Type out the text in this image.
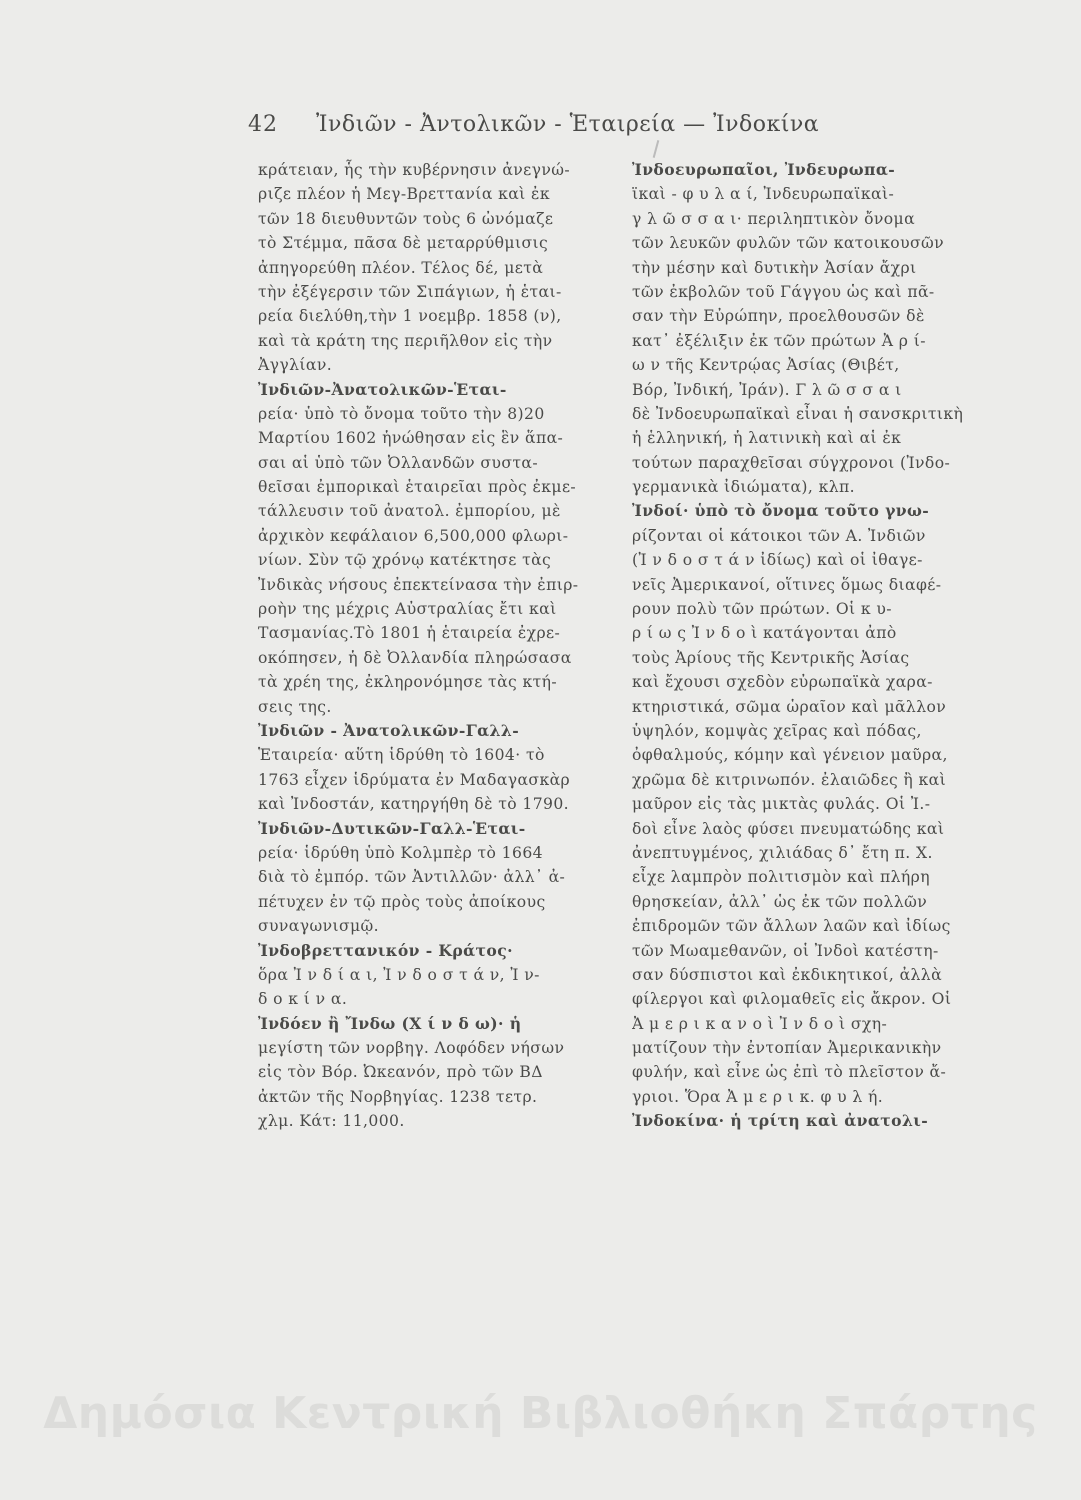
42 Ἰνδιῶν - Ἀντολικῶν - Ἑταιρεία — Ἰνδοκίνα
κράτειαν, ἧς τὴν κυβέρνησιν ἀνεγνώ-
ριζε πλέον ἡ Μεγ-Βρεττανία καὶ ἐκ
τῶν 18 διευθυντῶν τοὺς 6 ὠνόμαζε
τὸ Στέμμα, πᾶσα δὲ μεταρρύθμισις
ἀπηγορεύθη πλέον. Τέλος δέ, μετὰ
τὴν ἐξέγερσιν τῶν Σιπάγιων, ἡ ἑται-
ρεία διελύθη,τὴν 1 νοεμβρ. 1858 (ν),
καὶ τὰ κράτη της περιῆλθον εἰς τὴν
Ἀγγλίαν.
Ἰνδιῶν-Ἀνατολικῶν-Ἑται-
ρεία· ὑπὸ τὸ ὄνομα τοῦτο τὴν 8)20
Μαρτίου 1602 ἡνώθησαν εἰς ἓν ἅπα-
σαι αἱ ὑπὸ τῶν Ὀλλανδῶν συστα-
θεῖσαι ἐμπορικαὶ ἑταιρεῖαι πρὸς ἐκμε-
τάλλευσιν τοῦ ἀνατολ. ἐμπορίου, μὲ
ἀρχικὸν κεφάλαιον 6,500,000 φλωρι-
νίων. Σὺν τῷ χρόνῳ κατέκτησε τὰς
Ἰνδικὰς νήσους ἐπεκτείνασα τὴν ἐπιρ-
ροὴν της μέχρις Αὐστραλίας ἔτι καὶ
Τασμανίας.Τὸ 1801 ἡ ἑταιρεία ἐχρε-
οκόπησεν, ἡ δὲ Ὀλλανδία πληρώσασα
τὰ χρέη της, ἐκληρονόμησε τὰς κτή-
σεις της.
Ἰνδιῶν - Ἀνατολικῶν-Γαλλ-
Ἑταιρεία· αὕτη ἱδρύθη τὸ 1604· τὸ
1763 εἶχεν ἱδρύματα ἐν Μαδαγασκὰρ
καὶ Ἰνδοστάν, κατηργήθη δὲ τὸ 1790.
Ἰνδιῶν-Δυτικῶν-Γαλλ-Ἑται-
ρεία· ἱδρύθη ὑπὸ Κολμπὲρ τὸ 1664
διὰ τὸ ἐμπόρ. τῶν Ἀντιλλῶν· ἀλλ᾽ ἀ-
πέτυχεν ἐν τῷ πρὸς τοὺς ἀποίκους
συναγωνισμῷ.
Ἰνδοβρεττανικόν - Κράτος·
ὅρα Ἰ ν δ ί α ι, Ἰ ν δ ο σ τ ά ν, Ἰ ν-
δ ο κ ί ν α.
Ἰνδόεν ἢ Ἴνδω (Χ ί ν δ ω)· ἡ
μεγίστη τῶν νορβηγ. Λοφόδεν νήσων
εἰς τὸν Βόρ. Ὠκεανόν, πρὸ τῶν ΒΔ
ἀκτῶν τῆς Νορβηγίας. 1238 τετρ.
χλμ. Κάτ: 11,000.
Ἰνδοευρωπαῖοι, Ἰνδευρωπα-
ϊκαὶ - φ υ λ α ί, Ἰνδευρωπαϊκαὶ-
γ λ ῶ σ σ α ι· περιληπτικὸν ὄνομα
τῶν λευκῶν φυλῶν τῶν κατοικουσῶν
τὴν μέσην καὶ δυτικὴν Ἀσίαν ἄχρι
τῶν ἐκβολῶν τοῦ Γάγγου ὡς καὶ πᾶ-
σαν τὴν Εὐρώπην, προελθουσῶν δὲ
κατ᾽ ἐξέλιξιν ἐκ τῶν πρώτων Ἀ ρ ί-
ω ν τῆς Κεντρῴας Ἀσίας (Θιβέτ,
Βόρ, Ἰνδική, Ἰράν). Γ λ ῶ σ σ α ι
δὲ Ἰνδοευρωπαϊκαὶ εἶναι ἡ σανσκριτικὴ
ἡ ἑλληνική, ἡ λατινικὴ καὶ αἱ ἐκ
τούτων παραχθεῖσαι σύγχρονοι (Ἰνδο-
γερμανικὰ ἰδιώματα), κλπ.
Ἰνδοί· ὑπὸ τὸ ὄνομα τοῦτο γνω-
ρίζονται οἱ κάτοικοι τῶν Α. Ἰνδιῶν
(Ἰ ν δ ο σ τ ά ν ἰδίως) καὶ οἱ ἰθαγε-
νεῖς Ἀμερικανοί, οἵτινες ὅμως διαφέ-
ρουν πολὺ τῶν πρώτων. Οἱ κ υ-
ρ ί ω ς Ἰ ν δ ο ὶ κατάγονται ἀπὸ
τοὺς Ἀρίους τῆς Κεντρικῆς Ἀσίας
καὶ ἔχουσι σχεδὸν εὐρωπαϊκὰ χαρα-
κτηριστικά, σῶμα ὡραῖον καὶ μᾶλλον
ὑψηλόν, κομψὰς χεῖρας καὶ πόδας,
ὀφθαλμούς, κόμην καὶ γένειον μαῦρα,
χρῶμα δὲ κιτρινωπόν. ἐλαιῶδες ἢ καὶ
μαῦρον εἰς τὰς μικτὰς φυλάς. Οἱ Ἰ.-
δοὶ εἶνε λαὸς φύσει πνευματώδης καὶ
ἀνεπτυγμένος, χιλιάδας δ᾽ ἔτη π. Χ.
εἶχε λαμπρὸν πολιτισμὸν καὶ πλήρη
θρησκείαν, ἀλλ᾽ ὡς ἐκ τῶν πολλῶν
ἐπιδρομῶν τῶν ἄλλων λαῶν καὶ ἰδίως
τῶν Μωαμεθανῶν, οἱ Ἰνδοὶ κατέστη-
σαν δύσπιστοι καὶ ἐκδικητικοί, ἀλλὰ
φίλεργοι καὶ φιλομαθεῖς εἰς ἄκρον. Οἱ
Ἀ μ ε ρ ι κ α ν ο ὶ Ἰ ν δ ο ὶ σχη-
ματίζουν τὴν ἐντοπίαν Ἀμερικανικὴν
φυλήν, καὶ εἶνε ὡς ἐπὶ τὸ πλεῖστον ἄ-
γριοι. Ὅρα Ἀ μ ε ρ ι κ. φ υ λ ή.
Ἰνδοκίνα· ἡ τρίτη καὶ ἀνατολι-
Δημόσια Κεντρική Βιβλιοθήκη Σπάρτης
